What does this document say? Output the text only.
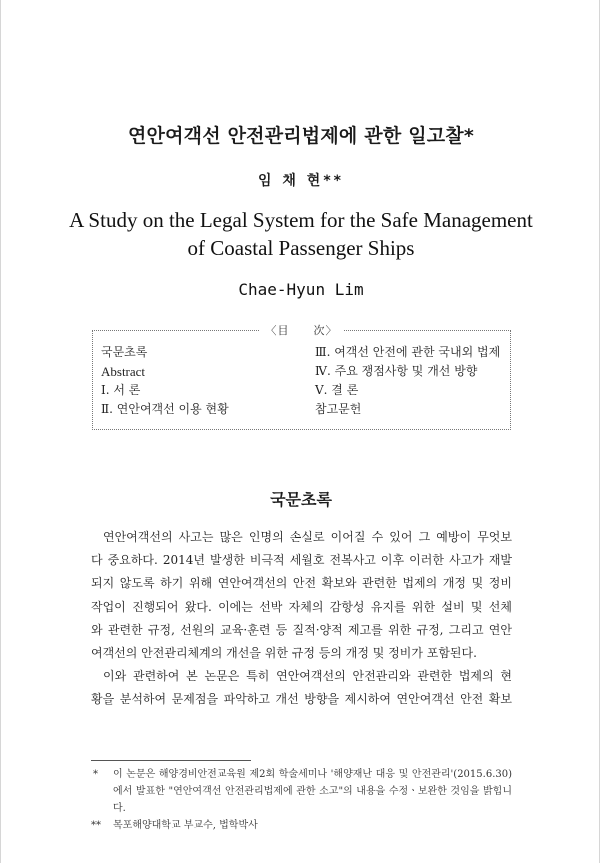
연안여객선 안전관리법제에 관한 일고찰*
임 채 현**
A Study on the Legal System for the Safe Management
of Coastal Passenger Ships
Chae-Hyun Lim
〈目　　次〉
국문초록
Abstract
Ⅰ. 서 론
Ⅱ. 연안여객선 이용 현황
Ⅲ. 여객선 안전에 관한 국내외 법제
Ⅳ. 주요 쟁점사항 및 개선 방향
Ⅴ. 결 론
참고문헌
국문초록

연안여객선의 사고는 많은 인명의 손실로 이어질 수 있어 그 예방이 무엇보

다 중요하다. 2014년 발생한 비극적 세월호 전복사고 이후 이러한 사고가 재발

되지 않도록 하기 위해 연안여객선의 안전 확보와 관련한 법제의 개정 및 정비

작업이 진행되어 왔다. 이에는 선박 자체의 감항성 유지를 위한 설비 및 선체

와 관련한 규정, 선원의 교육·훈련 등 질적·양적 제고를 위한 규정, 그리고 연안

여객선의 안전관리체계의 개선을 위한 규정 등의 개정 및 정비가 포함된다.

이와 관련하여 본 논문은 특히 연안여객선의 안전관리와 관련한 법제의 현

황을 분석하여 문제점을 파악하고 개선 방향을 제시하여 연안여객선 안전 확보

* 이 논문은 해양경비안전교육원 제2회 학술세미나 '해양재난 대응 및 안전관리'(2015.6.30)에서 발표한 "연안여객선 안전관리법제에 관한 소고"의 내용을 수정ㆍ보완한 것임을 밝힙니다.
** 목포해양대학교 부교수, 법학박사
